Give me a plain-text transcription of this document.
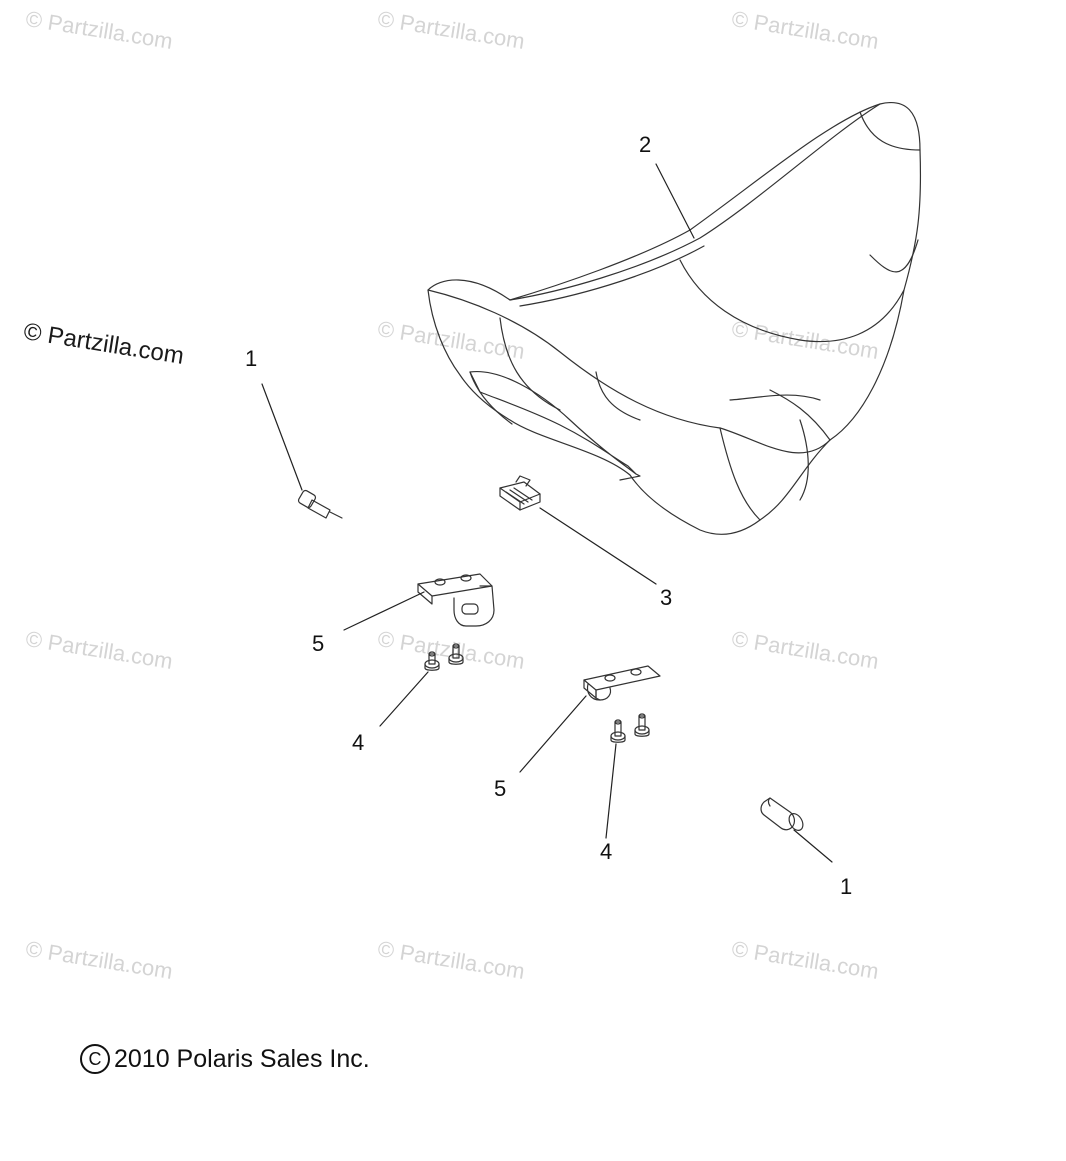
© Partzilla.com	© Partzilla.com	© Partzilla.com
© Partzilla.com	© Partzilla.com
© Partzilla.com	© Partzilla.com	© Partzilla.com
© Partzilla.com	© Partzilla.com	© Partzilla.com
© Partzilla.com
2
1
3
5
4
5
4
1
C 2010 Polaris Sales Inc.
